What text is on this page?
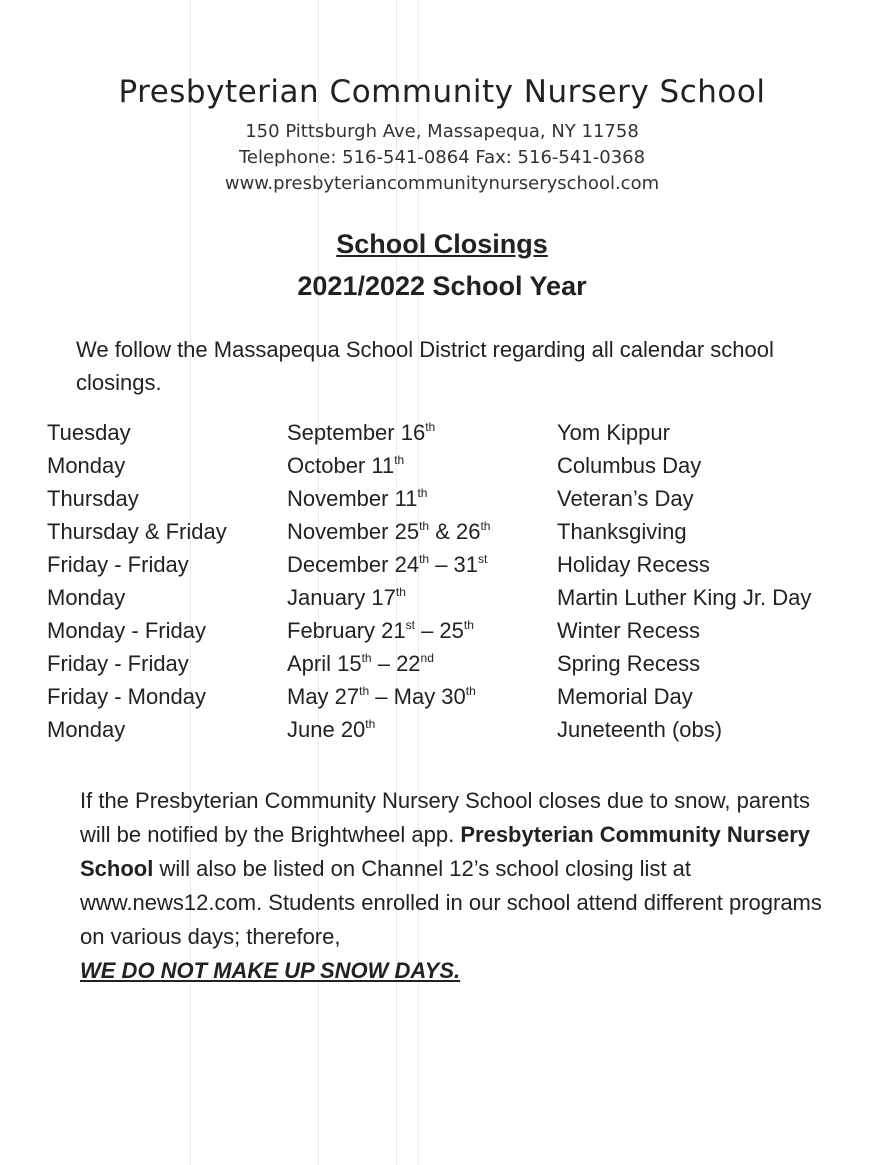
Presbyterian Community Nursery School
150 Pittsburgh Ave, Massapequa, NY 11758
Telephone: 516-541-0864 Fax: 516-541-0368
www.presbyteriancommunitynurseryschool.com
School Closings
2021/2022 School Year
We follow the Massapequa School District regarding all calendar school closings.
Tuesday	September 16th	Yom Kippur
Monday	October 11th	Columbus Day
Thursday	November 11th	Veteran’s Day
Thursday & Friday	November 25th & 26th	Thanksgiving
Friday - Friday	December 24th – 31st	Holiday Recess
Monday	January 17th	Martin Luther King Jr. Day
Monday - Friday	February 21st – 25th	Winter Recess
Friday - Friday	April 15th – 22nd	Spring Recess
Friday - Monday	May 27th – May 30th	Memorial Day
Monday	June 20th	Juneteenth (obs)
If the Presbyterian Community Nursery School closes due to snow, parents will be notified by the Brightwheel app. Presbyterian Community Nursery School will also be listed on Channel 12’s school closing list at www.news12.com. Students enrolled in our school attend different programs on various days; therefore,
WE DO NOT MAKE UP SNOW DAYS.
